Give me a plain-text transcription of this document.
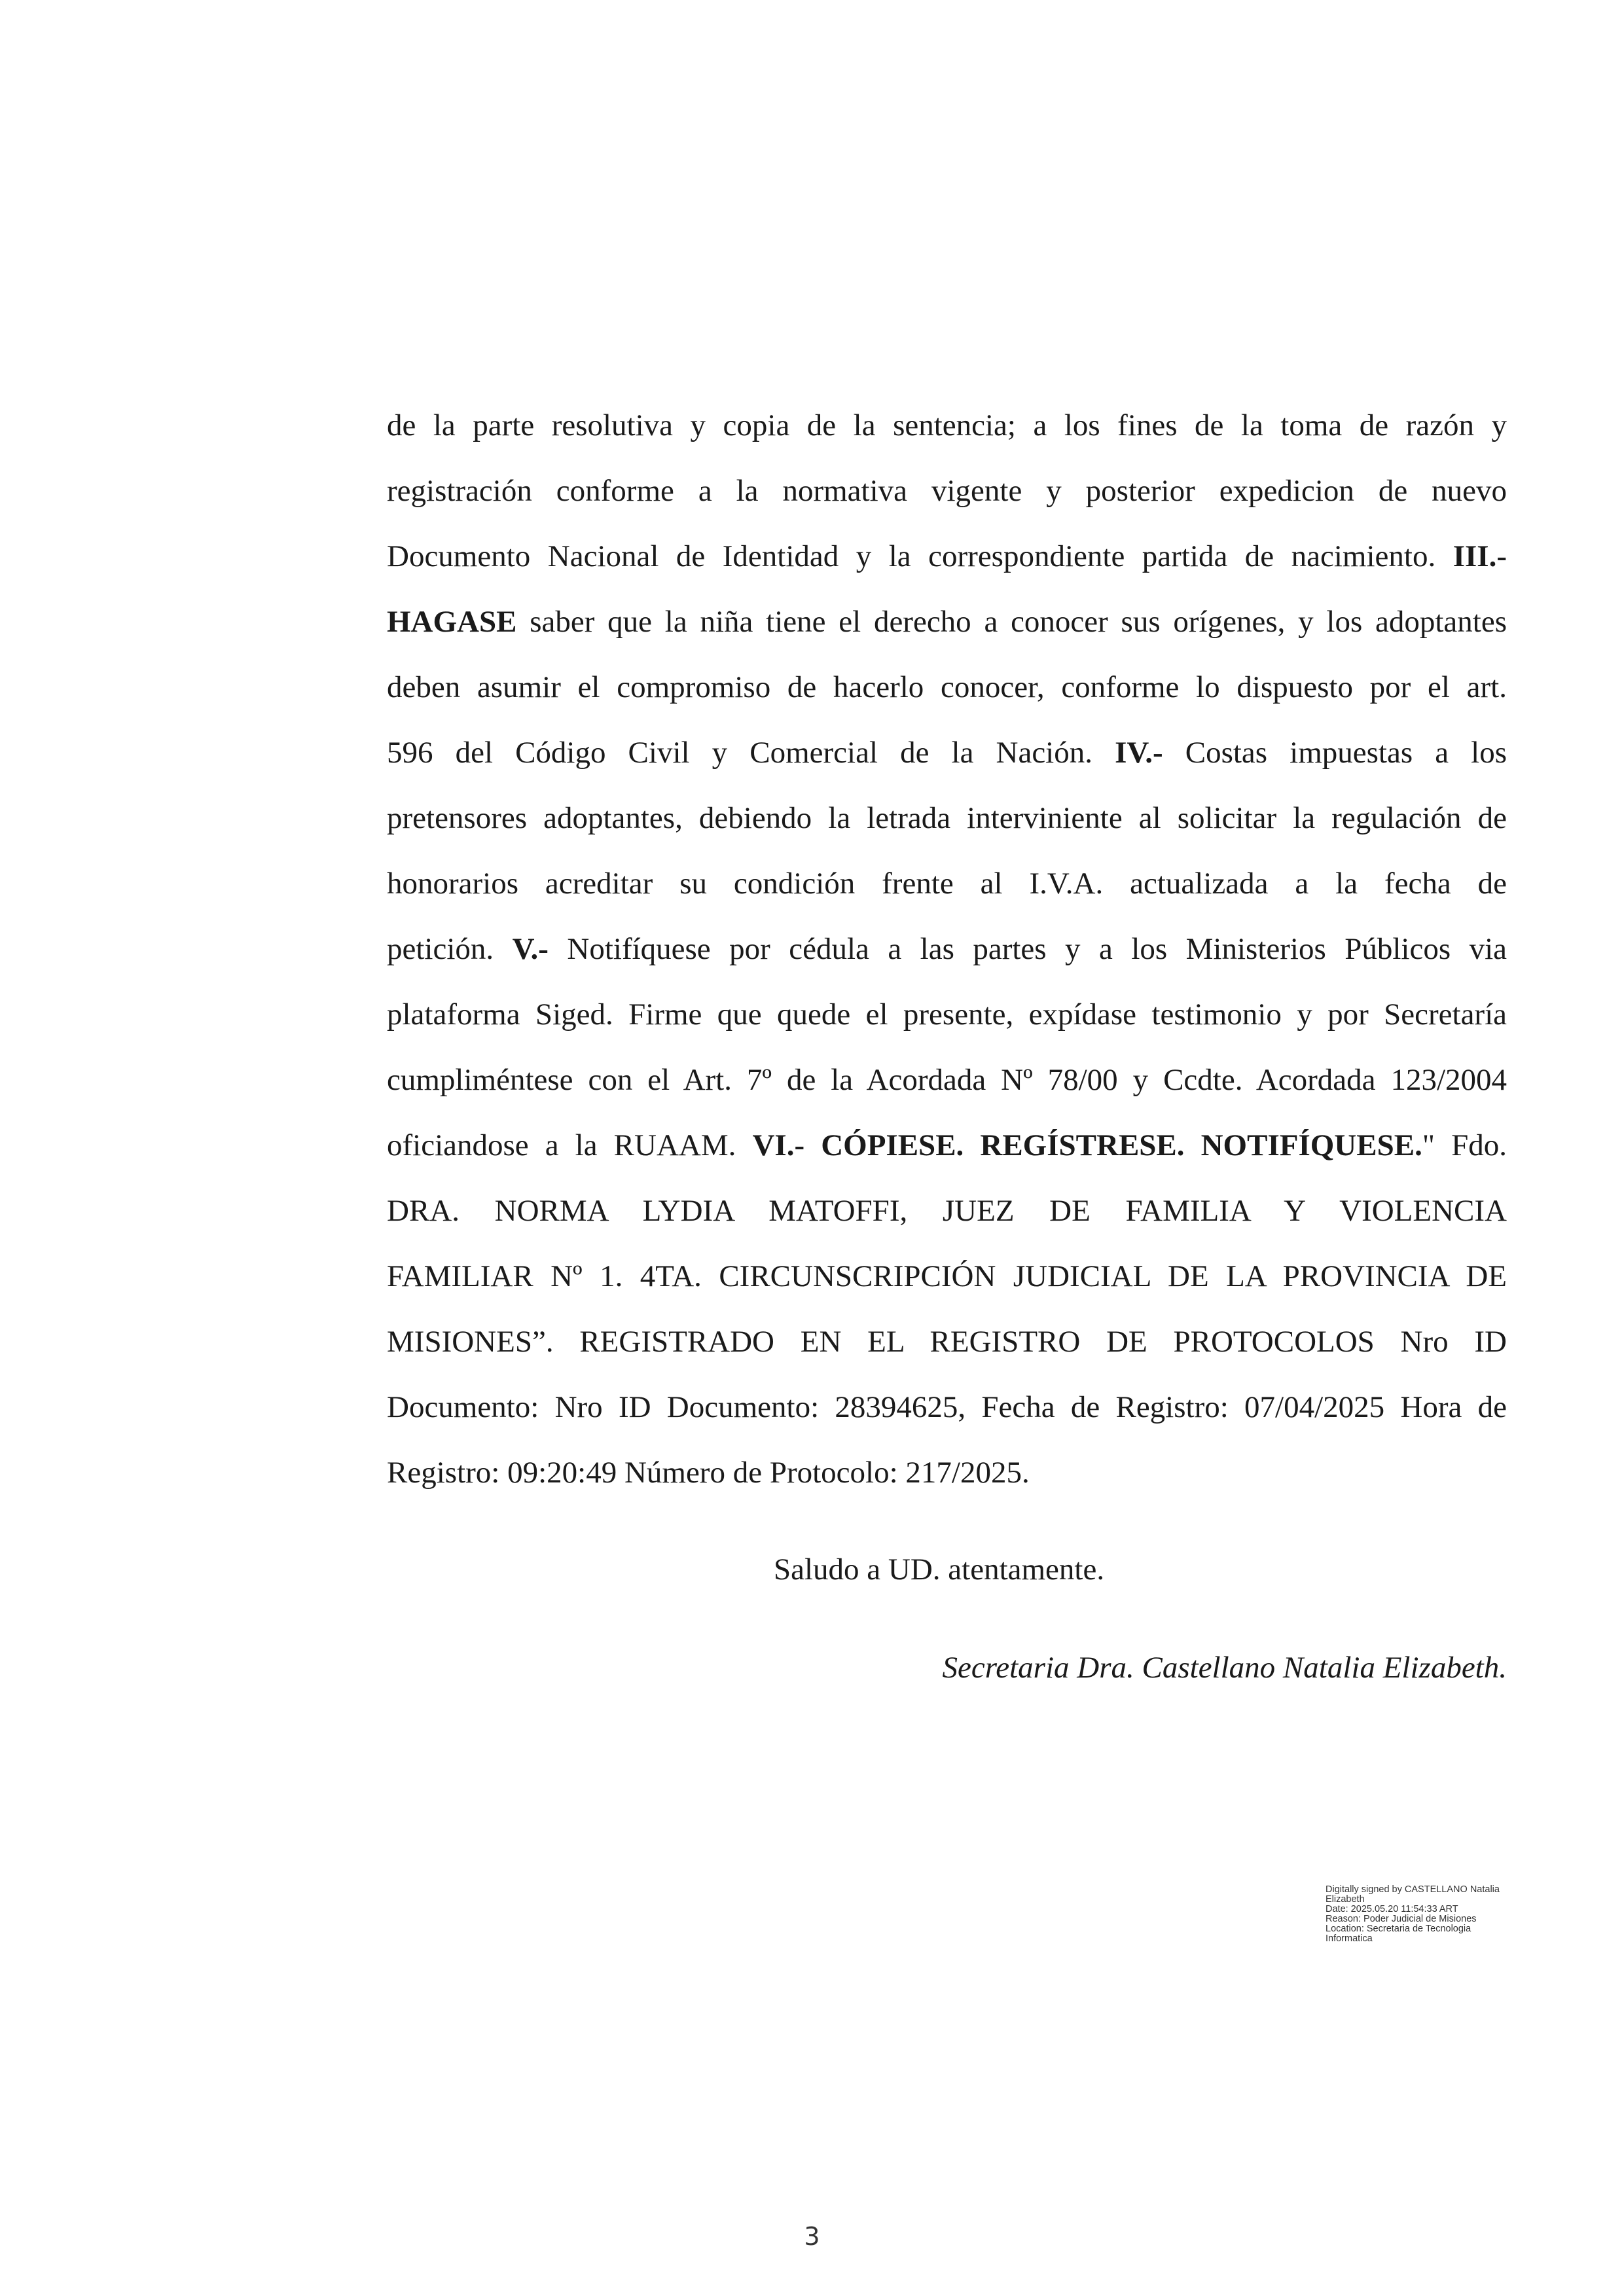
de la parte resolutiva y copia de la sentencia; a los fines de la toma de razón y
registración conforme a la normativa vigente y posterior expedicion de nuevo
Documento Nacional de Identidad y la correspondiente partida de nacimiento. III.-
HAGASE saber que la niña tiene el derecho a conocer sus orígenes, y los adoptantes
deben asumir el compromiso de hacerlo conocer, conforme lo dispuesto por el art.
596 del Código Civil y Comercial de la Nación. IV.- Costas impuestas a los
pretensores adoptantes, debiendo la letrada interviniente al solicitar la regulación de
honorarios acreditar su condición frente al I.V.A. actualizada a la fecha de
petición. V.- Notifíquese por cédula a las partes y a los Ministerios Públicos via
plataforma Siged. Firme que quede el presente, expídase testimonio y por Secretaría
cumpliméntese con el Art. 7º de la Acordada Nº 78/00 y Ccdte. Acordada 123/2004
oficiandose a la RUAAM. VI.- CÓPIESE. REGÍSTRESE. NOTIFÍQUESE." Fdo.
DRA. NORMA LYDIA MATOFFI, JUEZ DE FAMILIA Y VIOLENCIA
FAMILIAR Nº 1. 4TA. CIRCUNSCRIPCIÓN JUDICIAL DE LA PROVINCIA DE
MISIONES”. REGISTRADO EN EL REGISTRO DE PROTOCOLOS Nro ID
Documento: Nro ID Documento: 28394625, Fecha de Registro: 07/04/2025 Hora de
Registro: 09:20:49 Número de Protocolo: 217/2025.
Saludo a UD. atentamente.
Secretaria Dra. Castellano Natalia Elizabeth.
Digitally signed by CASTELLANO Natalia
Elizabeth
Date: 2025.05.20 11:54:33 ART
Reason: Poder Judicial de Misiones
Location: Secretaria de Tecnologia
Informatica
3
